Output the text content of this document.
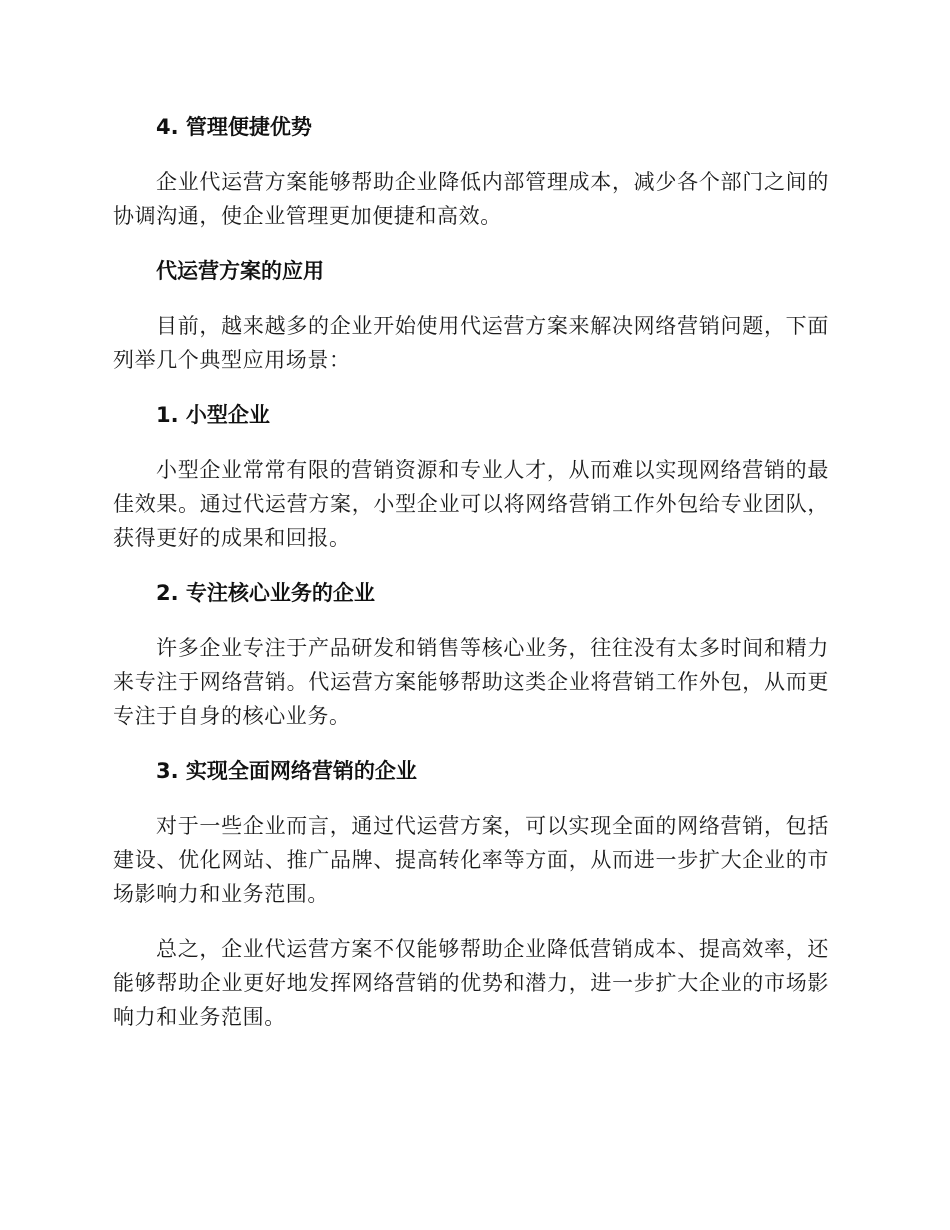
4. 管理便捷优势

企业代运营方案能够帮助企业降低内部管理成本，减少各个部门之间的协调沟通，使企业管理更加便捷和高效。

代运营方案的应用

目前，越来越多的企业开始使用代运营方案来解决网络营销问题，下面列举几个典型应用场景：

1. 小型企业

小型企业常常有限的营销资源和专业人才，从而难以实现网络营销的最佳效果。通过代运营方案，小型企业可以将网络营销工作外包给专业团队，获得更好的成果和回报。

2. 专注核心业务的企业

许多企业专注于产品研发和销售等核心业务，往往没有太多时间和精力来专注于网络营销。代运营方案能够帮助这类企业将营销工作外包，从而更专注于自身的核心业务。

3. 实现全面网络营销的企业

对于一些企业而言，通过代运营方案，可以实现全面的网络营销，包括建设、优化网站、推广品牌、提高转化率等方面，从而进一步扩大企业的市场影响力和业务范围。

总之，企业代运营方案不仅能够帮助企业降低营销成本、提高效率，还能够帮助企业更好地发挥网络营销的优势和潜力，进一步扩大企业的市场影响力和业务范围。
